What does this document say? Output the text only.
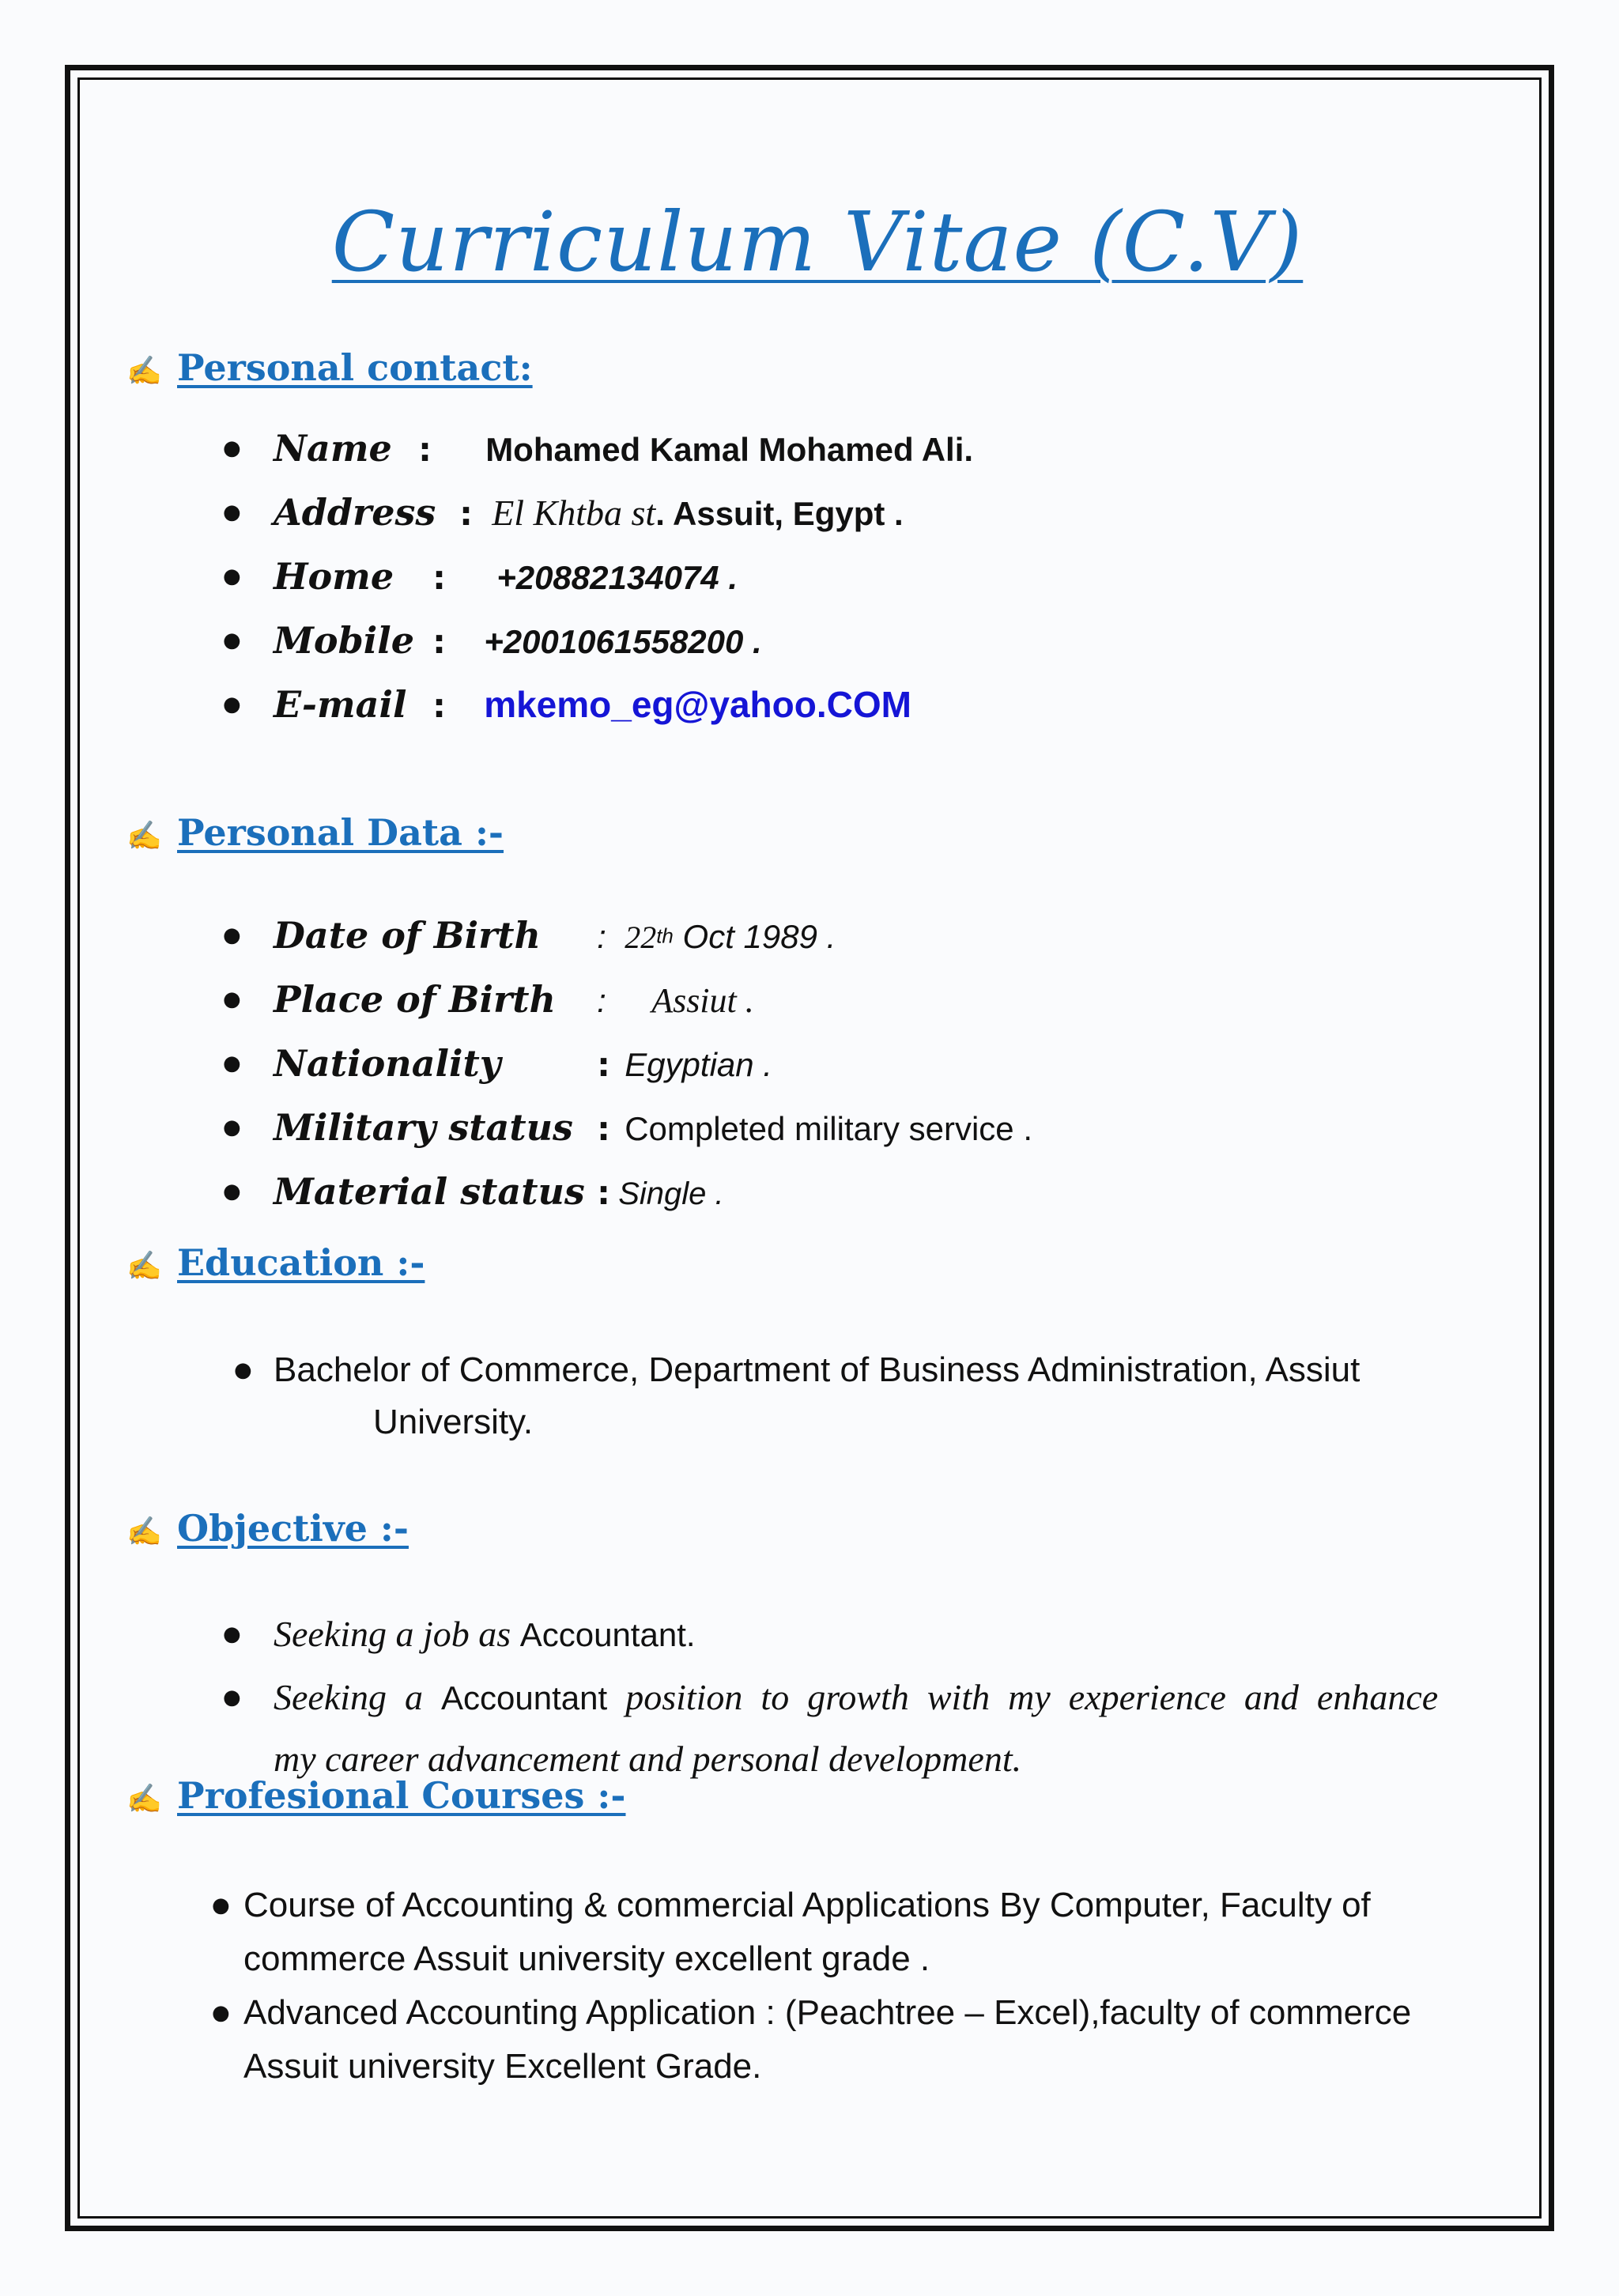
Curriculum Vitae (C.V)
✍ Personal contact:
● Name : Mohamed Kamal Mohamed Ali.
● Address : El Khtba st. Assuit, Egypt .
● Home : +20882134074 .
● Mobile : +2001061558200 .
● E-mail : mkemo_eg@yahoo.COM
✍ Personal Data :-
● Date of Birth : 22th Oct 1989 .
● Place of Birth : Assiut .
● Nationality	: Egyptian .
● Military status : Completed military service .
● Material status : Single .
✍ Education :-
● Bachelor of Commerce, Department of Business Administration, Assiut
University.
✍ Objective :-
● Seeking a job as Accountant.
● Seeking  a  Accountant  position  to  growth  with  my  experience  and  enhance
my career advancement and personal development.
✍ Profesional Courses :-
● Course of Accounting & commercial Applications By Computer, Faculty of
commerce Assuit university excellent grade .
● Advanced Accounting Application : (Peachtree – Excel),faculty of commerce
Assuit university Excellent Grade.
